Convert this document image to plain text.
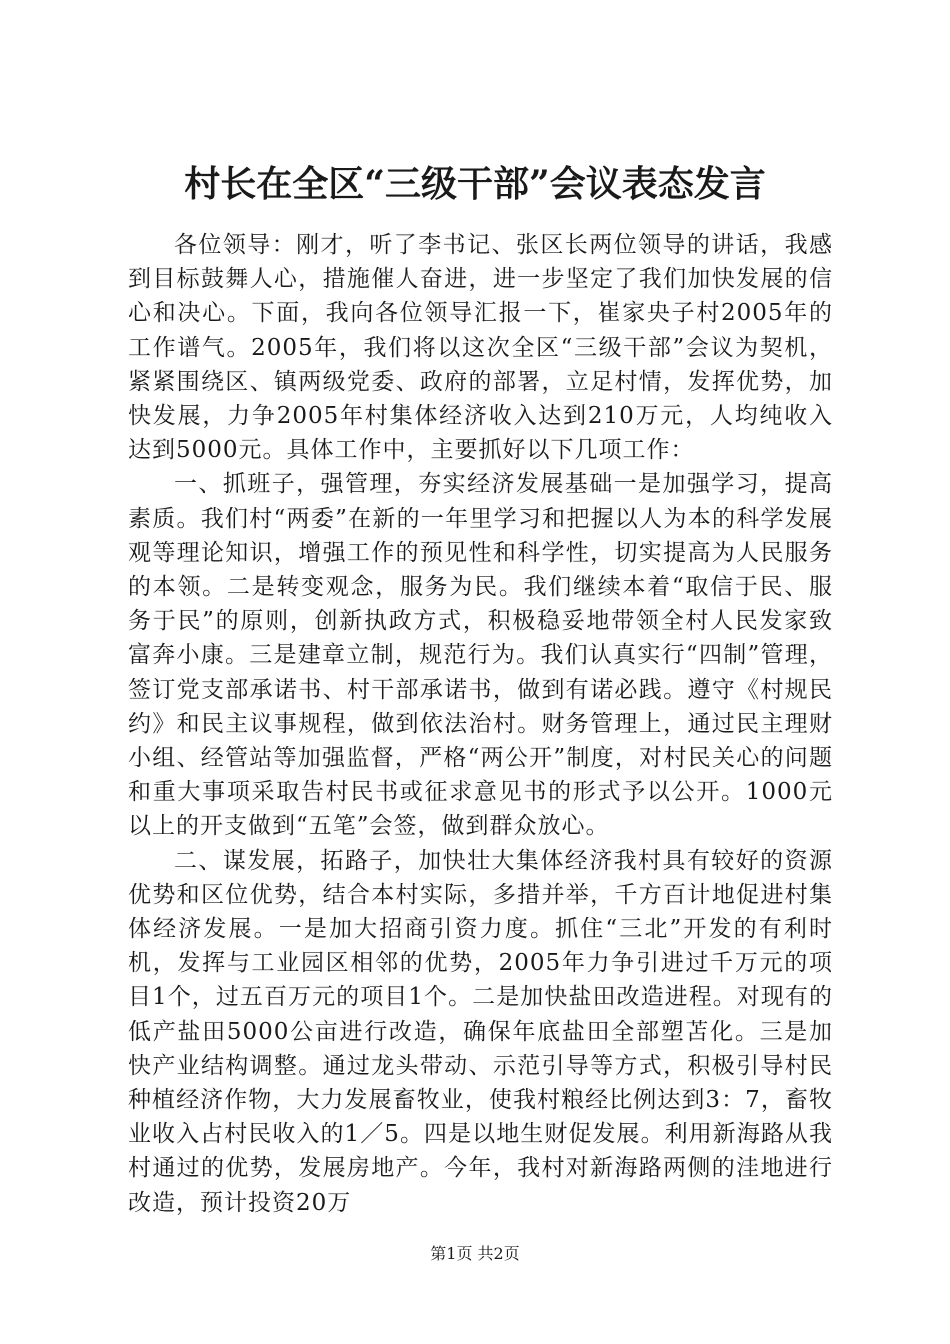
村长在全区“三级干部”会议表态发言

各位领导：刚才，听了李书记、张区长两位领导的讲话，我感到目标鼓舞人心，措施催人奋进，进一步坚定了我们加快发展的信心和决心。下面，我向各位领导汇报一下，崔家央子村2005年的工作谱气。2005年，我们将以这次全区“三级干部”会议为契机，紧紧围绕区、镇两级党委、政府的部署，立足村情，发挥优势，加快发展，力争2005年村集体经济收入达到210万元，人均纯收入达到5000元。具体工作中，主要抓好以下几项工作：

一、抓班子，强管理，夯实经济发展基础一是加强学习，提高素质。我们村“两委”在新的一年里学习和把握以人为本的科学发展观等理论知识，增强工作的预见性和科学性，切实提高为人民服务的本领。二是转变观念，服务为民。我们继续本着“取信于民、服务于民”的原则，创新执政方式，积极稳妥地带领全村人民发家致富奔小康。三是建章立制，规范行为。我们认真实行“四制”管理，签订党支部承诺书、村干部承诺书，做到有诺必践。遵守《村规民约》和民主议事规程，做到依法治村。财务管理上，通过民主理财小组、经管站等加强监督，严格“两公开”制度，对村民关心的问题和重大事项采取告村民书或征求意见书的形式予以公开。1000元以上的开支做到“五笔”会签，做到群众放心。

二、谋发展，拓路子，加快壮大集体经济我村具有较好的资源优势和区位优势，结合本村实际，多措并举，千方百计地促进村集体经济发展。一是加大招商引资力度。抓住“三北”开发的有利时机，发挥与工业园区相邻的优势，2005年力争引进过千万元的项目1个，过五百万元的项目1个。二是加快盐田改造进程。对现有的低产盐田5000公亩进行改造，确保年底盐田全部塑苫化。三是加快产业结构调整。通过龙头带动、示范引导等方式，积极引导村民种植经济作物，大力发展畜牧业，使我村粮经比例达到3：7，畜牧业收入占村民收入的1／5。四是以地生财促发展。利用新海路从我村通过的优势，发展房地产。今年，我村对新海路两侧的洼地进行改造，预计投资20万

第1页 共2页
